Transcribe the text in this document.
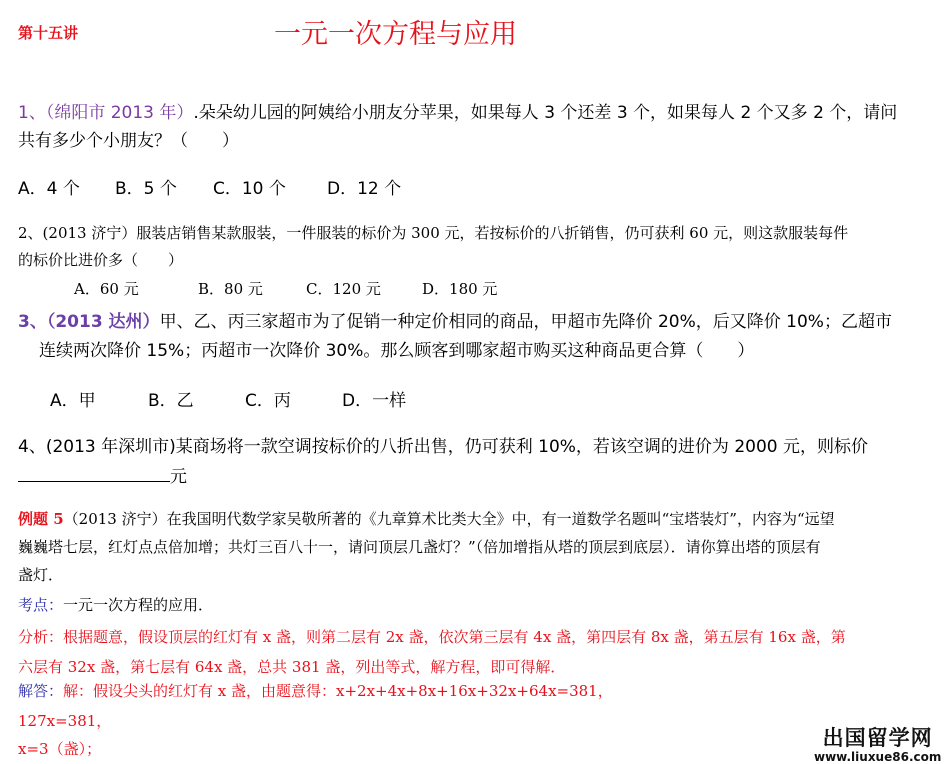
第十五讲	一元一次方程与应用
1、（绵阳市 2013 年）.朵朵幼儿园的阿姨给小朋友分苹果，如果每人 3 个还差 3 个，如果每人 2 个又多 2 个，请问
共有多少个小朋友？（　　）
A．4 个 B．5 个 C．10 个 D．12 个
2、(2013 济宁）服装店销售某款服装，一件服装的标价为 300 元，若按标价的八折销售，仍可获利 60 元，则这款服装每件
的标价比进价多（　　）
A．60 元	B．80 元	C．120 元	D．180 元
3、（2013 达州）甲、乙、丙三家超市为了促销一种定价相同的商品，甲超市先降价 20%，后又降价 10%；乙超市
连续两次降价 15%；丙超市一次降价 30%。那么顾客到哪家超市购买这种商品更合算（　　）
A．甲	B．乙	C．丙	D．一样
4、(2013 年深圳市)某商场将一款空调按标价的八折出售，仍可获利 10%，若该空调的进价为 2000 元，则标价
元
例题 5（2013 济宁）在我国明代数学家吴敬所著的《九章算术比类大全》中，有一道数学名题叫“宝塔装灯”，内容为“远望
巍巍塔七层，红灯点点倍加增；共灯三百八十一，请问顶层几盏灯？”（倍加增指从塔的顶层到底层）．请你算出塔的顶层有
盏灯．
考点：一元一次方程的应用．
分析：根据题意，假设顶层的红灯有 x 盏，则第二层有 2x 盏，依次第三层有 4x 盏，第四层有 8x 盏，第五层有 16x 盏，第
六层有 32x 盏，第七层有 64x 盏，总共 381 盏，列出等式，解方程，即可得解．
解答：解：假设尖头的红灯有 x 盏，由题意得：x+2x+4x+8x+16x+32x+64x=381，
127x=381，
x=3（盏）；	出国留学网
www.liuxue86.com
